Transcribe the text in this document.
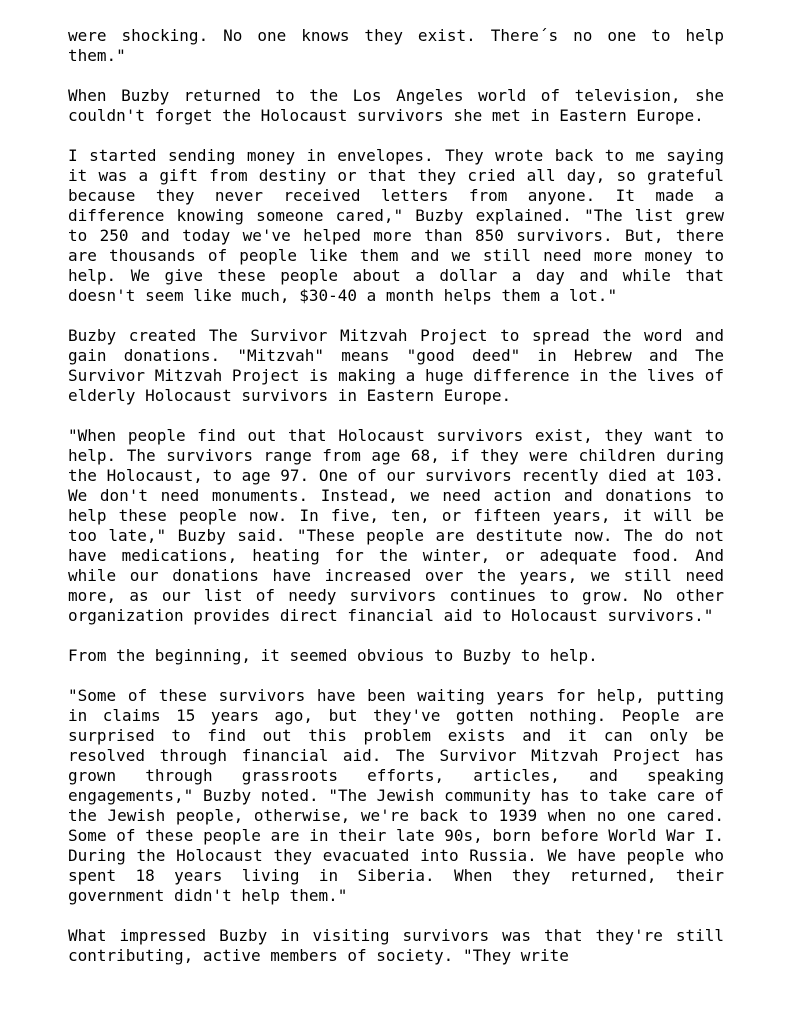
were shocking. No one knows they exist. There´s no one to help them."

When Buzby returned to the Los Angeles world of television, she couldn't forget the Holocaust survivors she met in Eastern Europe.

I started sending money in envelopes. They wrote back to me saying it was a gift from destiny or that they cried all day, so grateful because they never received letters from anyone. It made a difference knowing someone cared," Buzby explained. "The list grew to 250 and today we've helped more than 850 survivors. But, there are thousands of people like them and we still need more money to help. We give these people about a dollar a day and while that doesn't seem like much, $30-40 a month helps them a lot."

Buzby created The Survivor Mitzvah Project to spread the word and gain donations. "Mitzvah" means "good deed" in Hebrew and The Survivor Mitzvah Project is making a huge difference in the lives of elderly Holocaust survivors in Eastern Europe.

"When people find out that Holocaust survivors exist, they want to help. The survivors range from age 68, if they were children during the Holocaust, to age 97. One of our survivors recently died at 103. We don't need monuments. Instead, we need action and donations to help these people now. In five, ten, or fifteen years, it will be too late," Buzby said. "These people are destitute now. The do not have medications, heating for the winter, or adequate food. And while our donations have increased over the years, we still need more, as our list of needy survivors continues to grow. No other organization provides direct financial aid to Holocaust survivors."

From the beginning, it seemed obvious to Buzby to help.

"Some of these survivors have been waiting years for help, putting in claims 15 years ago, but they've gotten nothing. People are surprised to find out this problem exists and it can only be resolved through financial aid. The Survivor Mitzvah Project has grown through grassroots efforts, articles, and speaking engagements," Buzby noted. "The Jewish community has to take care of the Jewish people, otherwise, we're back to 1939 when no one cared. Some of these people are in their late 90s, born before World War I. During the Holocaust they evacuated into Russia. We have people who spent 18 years living in Siberia. When they returned, their government didn't help them."

What impressed Buzby in visiting survivors was that they're still contributing, active members of society. "They write
